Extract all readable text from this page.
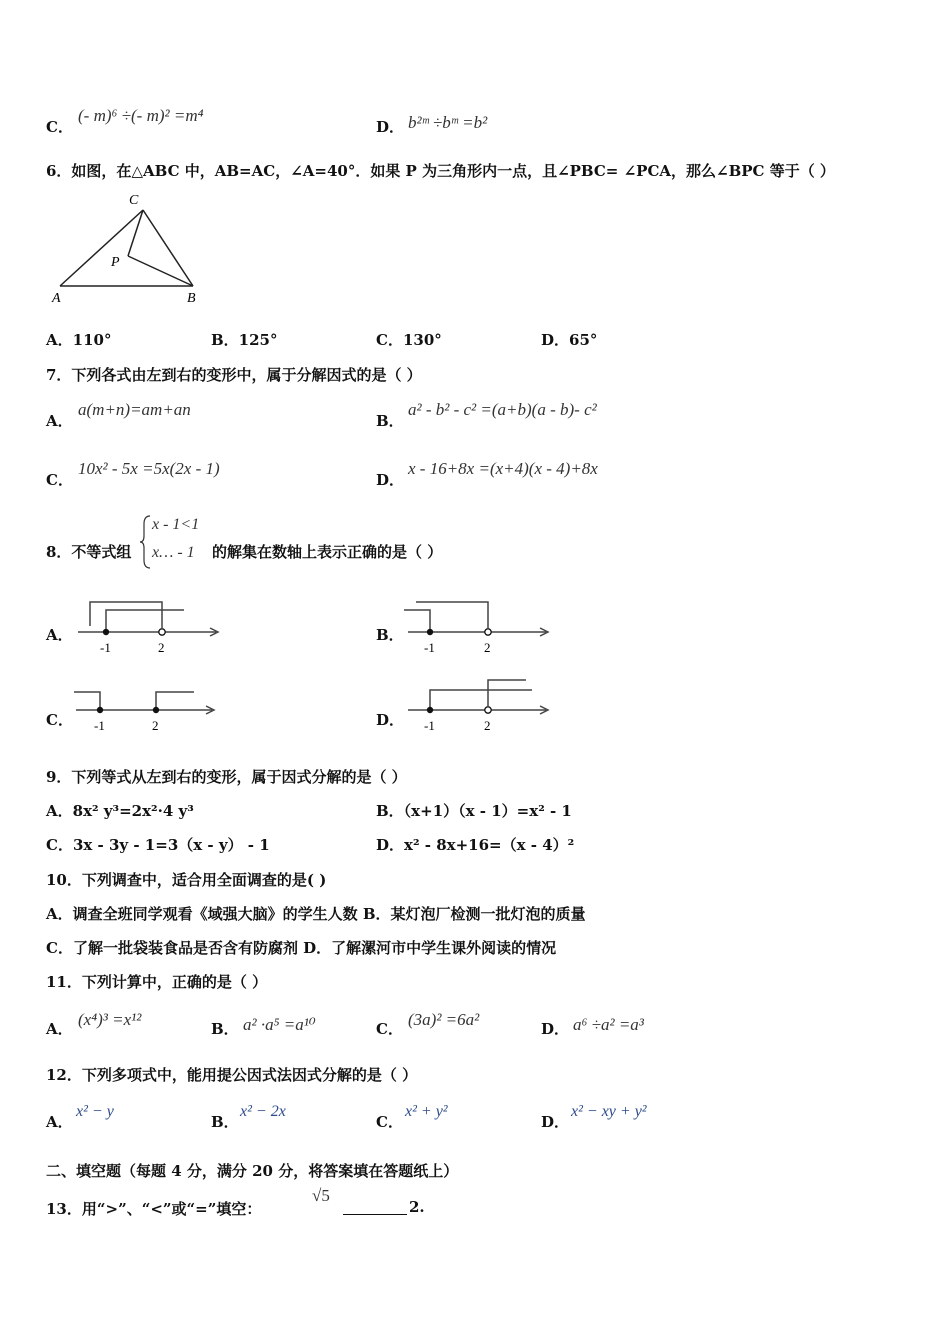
C．
(- m)⁶ ÷(- m)² =m⁴
D． b²ᵐ ÷bᵐ =b²
6．如图，在△ABC 中，AB=AC，∠A=40°．如果 P 为三角形内一点，且∠PBC= ∠PCA，那么∠BPC 等于（ ）
C
P
A	B
A．110°	B．125°	C．130°	D．65°
7．下列各式由左到右的变形中，属于分解因式的是（ ）
A．
a(m+n)=am+an
B．
a² - b² - c² =(a+b)(a - b)- c²
C．
10x² - 5x =5x(2x - 1)
D．
x - 16+8x =(x+4)(x - 4)+8x
8．不等式组
x - 1<1
x… - 1 的解集在数轴上表示正确的是（ ）
A．
-1	2
B．
-1	2
C． -1	2	D． -1	2
9．下列等式从左到右的变形，属于因式分解的是（ ）
A．8x² y³=2x²·4 y³	B．（x+1）（x - 1）=x² - 1
C．3x - 3y - 1=3（x - y） - 1	D．x² - 8x+16=（x - 4）²
10．下列调查中，适合用全面调查的是( )
A．调查全班同学观看《域强大脑》的学生人数 B．某灯泡厂检测一批灯泡的质量
C．了解一批袋装食品是否含有防腐剂 D．了解漯河市中学生课外阅读的情况
11．下列计算中，正确的是（ ）
A． (x⁴)³ =x¹²	B． a² ·a⁵ =a¹⁰	C． (3a)² =6a²	D． a⁶ ÷a² =a³
12．下列多项式中，能用提公因式法因式分解的是（ ）
A．
x² − y
B．
x² − 2x
C．
x² + y²
D．
x² − xy + y²
二、填空题（每题 4 分，满分 20 分，将答案填在答题纸上）
13．用“>”、“<”或“=”填空：
√5
2.
